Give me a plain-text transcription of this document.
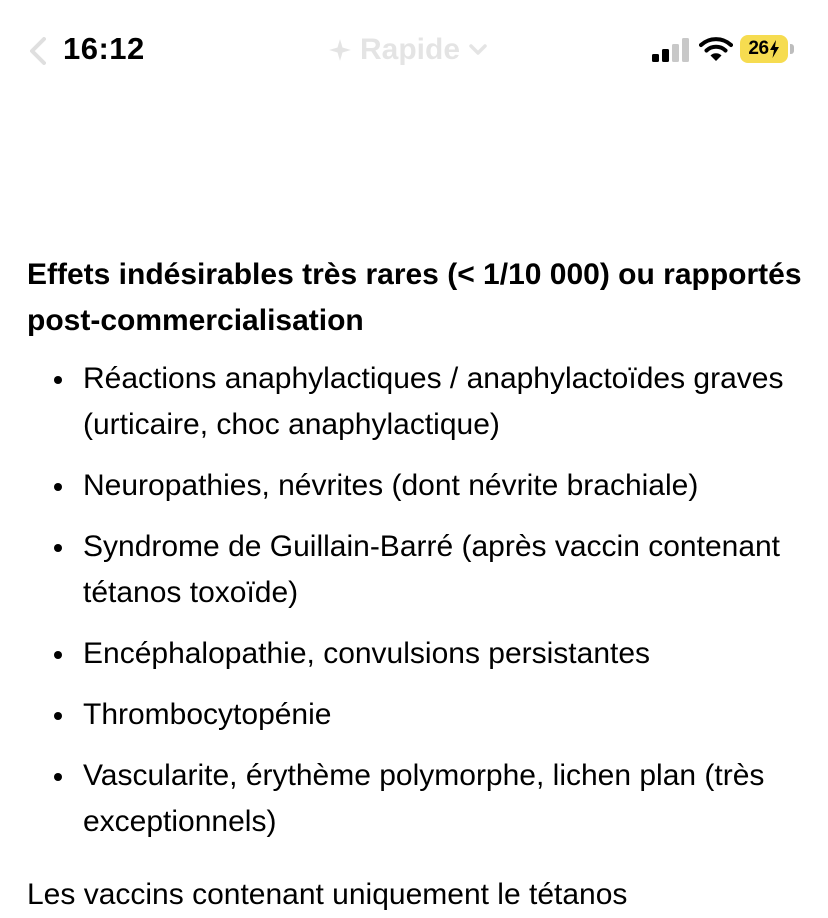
16:12	Rapide	26
Effets indésirables très rares (< 1/10 000) ou rapportés post-commercialisation
Réactions anaphylactiques / anaphylactoïdes graves (urticaire, choc anaphylactique)
Neuropathies, névrites (dont névrite brachiale)
Syndrome de Guillain-Barré (après vaccin contenant tétanos toxoïde)
Encéphalopathie, convulsions persistantes
Thrombocytopénie
Vascularite, érythème polymorphe, lichen plan (très exceptionnels)

Les vaccins contenant uniquement le tétanos
